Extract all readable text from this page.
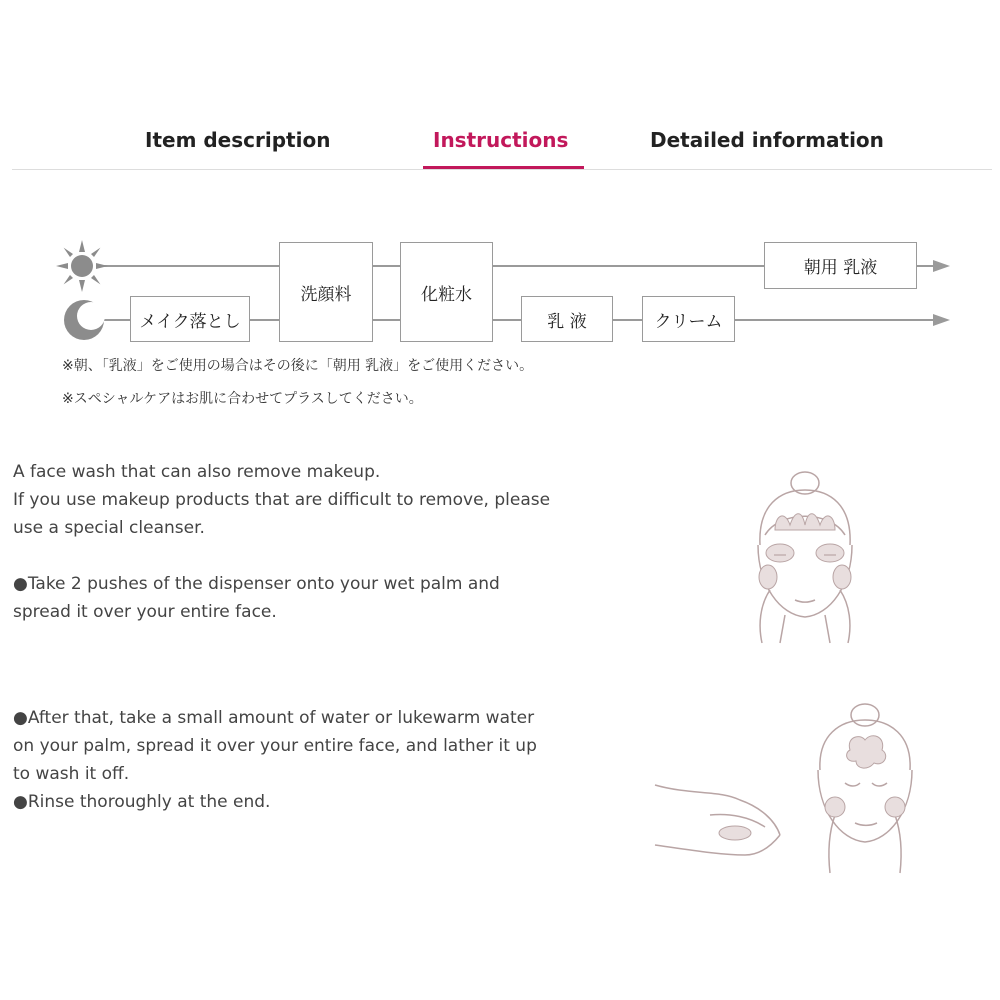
Item description	Instructions	Detailed information
メイク落とし
洗顔料	化粧水
乳 液	クリーム
朝用 乳液
※朝、「乳液」をご使用の場合はその後に「朝用 乳液」をご使用ください。
※スペシャルケアはお肌に合わせてプラスしてください。

A face wash that can also remove makeup.

If you use makeup products that are difficult to remove, please

use a special cleanser.

●Take 2 pushes of the dispenser onto your wet palm and

spread it over your entire face.

●After that, take a small amount of water or lukewarm water

on your palm, spread it over your entire face, and lather it up

to wash it off.

●Rinse thoroughly at the end.
